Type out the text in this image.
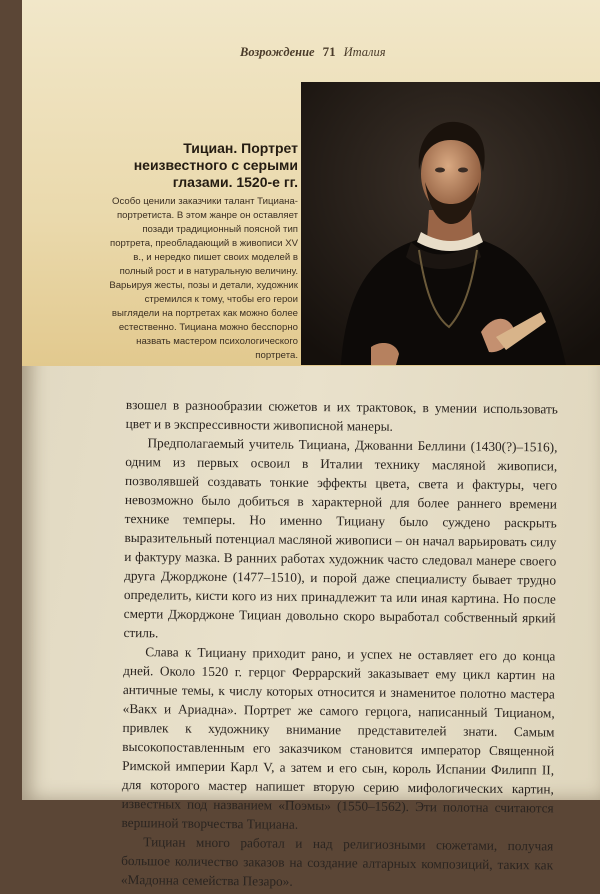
Возрождение 71 Италия
Тициан. Портрет неизвестного с серыми глазами. 1520-е гг.
Особо ценили заказчики талант Тициана-портретиста. В этом жанре он оставляет позади традиционный поясной тип портрета, преобладающий в живописи XV в., и нередко пишет своих моделей в полный рост и в натуральную величину. Варьируя жесты, позы и детали, художник стремился к тому, чтобы его герои выглядели на портретах как можно более естественно. Тициана можно бесспорно назвать мастером психологического портрета.

взошел в разнообразии сюжетов и их трактовок, в умении использовать цвет и в экспрессивности живописной манеры.

Предполагаемый учитель Тициана, Джованни Беллини (1430(?)–1516), одним из первых освоил в Италии технику масляной живописи, позволявшей создавать тонкие эффекты цвета, света и фактуры, чего невозможно было добиться в характерной для более раннего времени технике темперы. Но именно Тициану было суждено раскрыть выразительный потенциал масляной живописи – он начал варьировать силу и фактуру мазка. В ранних работах художник часто следовал манере своего друга Джорджоне (1477–1510), и порой даже специалисту бывает трудно определить, кисти кого из них принадлежит та или иная картина. Но после смерти Джорджоне Тициан довольно скоро выработал собственный яркий стиль.

Слава к Тициану приходит рано, и успех не оставляет его до конца дней. Около 1520 г. герцог Феррарский заказывает ему цикл картин на античные темы, к числу которых относится и знаменитое полотно мастера «Вакх и Ариадна». Портрет же самого герцога, написанный Тицианом, привлек к художнику внимание представителей знати. Самым высокопоставленным его заказчиком становится император Священной Римской империи Карл V, а затем и его сын, король Испании Филипп II, для которого мастер напишет вторую серию мифологических картин, известных под названием «Поэмы» (1550–1562). Эти полотна считаются вершиной творчества Тициана.

Тициан много работал и над религиозными сюжетами, получая большое количество заказов на создание алтарных композиций, таких как «Мадонна семейства Пезаро».
